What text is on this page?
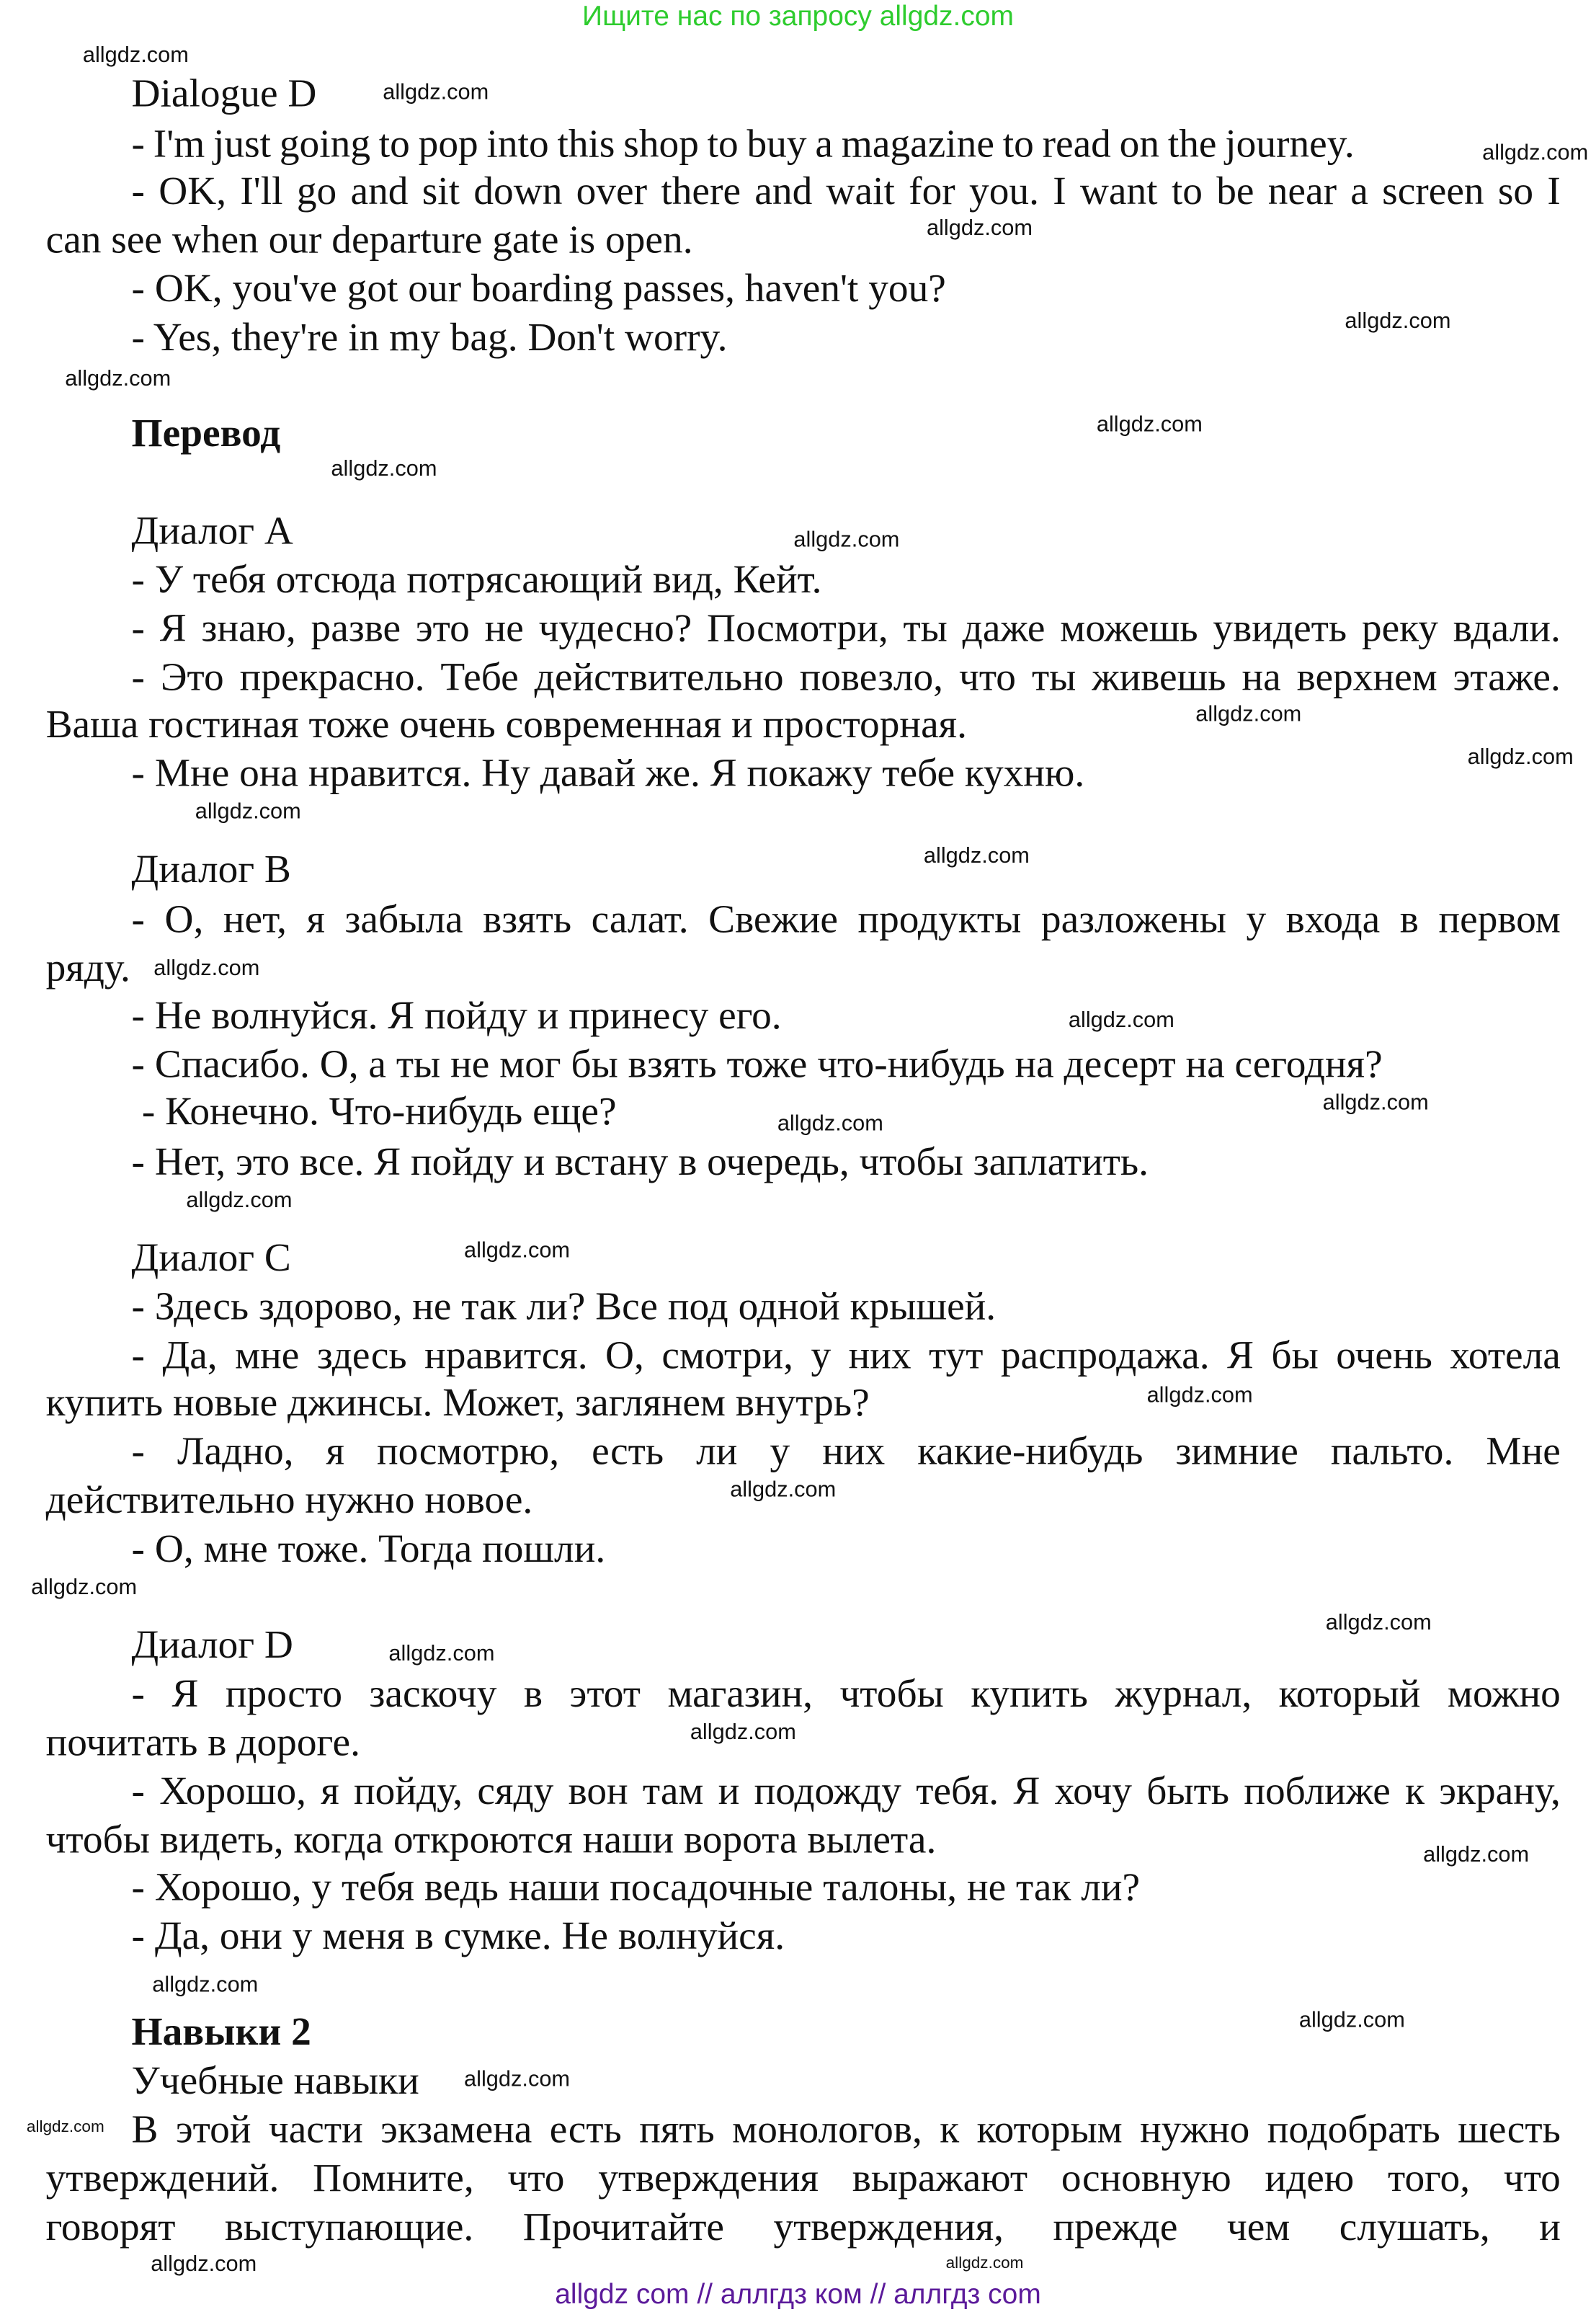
Ищите нас по запросу allgdz.com
Dialogue D
- I'm just going to pop into this shop to buy a magazine to read on the journey.
- OK, I'll go and sit down over there and wait for you. I want to be near a screen so I
can see when our departure gate is open.
- OK, you've got our boarding passes, haven't you?
- Yes, they're in my bag. Don't worry.
Перевод
Диалог A
- У тебя отсюда потрясающий вид, Кейт.
- Я знаю, разве это не чудесно? Посмотри, ты даже можешь увидеть реку вдали.
- Это прекрасно. Тебе действительно повезло, что ты живешь на верхнем этаже.
Ваша гостиная тоже очень современная и просторная.
- Мне она нравится. Ну давай же. Я покажу тебе кухню.
Диалог B
- О, нет, я забыла взять салат. Свежие продукты разложены у входа в первом
ряду.
- Не волнуйся. Я пойду и принесу его.
- Спасибо. О, а ты не мог бы взять тоже что-нибудь на десерт на сегодня?
- Конечно. Что-нибудь еще?
- Нет, это все. Я пойду и встану в очередь, чтобы заплатить.
Диалог C
- Здесь здорово, не так ли? Все под одной крышей.
- Да, мне здесь нравится. О, смотри, у них тут распродажа. Я бы очень хотела
купить новые джинсы. Может, заглянем внутрь?
- Ладно, я посмотрю, есть ли у них какие-нибудь зимние пальто. Мне
действительно нужно новое.
- О, мне тоже. Тогда пошли.
Диалог D
- Я просто заскочу в этот магазин, чтобы купить журнал, который можно
почитать в дороге.
- Хорошо, я пойду, сяду вон там и подожду тебя. Я хочу быть поближе к экрану,
чтобы видеть, когда откроются наши ворота вылета.
- Хорошо, у тебя ведь наши посадочные талоны, не так ли?
- Да, они у меня в сумке. Не волнуйся.
Навыки 2
Учебные навыки
В этой части экзамена есть пять монологов, к которым нужно подобрать шесть
утверждений. Помните, что утверждения выражают основную идею того, что
говорят выступающие. Прочитайте утверждения, прежде чем слушать, и
allgdz.com
allgdz.com
allgdz.com
allgdz.com
allgdz.com
allgdz.com
allgdz.com
allgdz.com
allgdz.com
allgdz.com
allgdz.com
allgdz.com
allgdz.com
allgdz.com
allgdz.com
allgdz.com
allgdz.com
allgdz.com
allgdz.com
allgdz.com
allgdz.com
allgdz.com
allgdz.com
allgdz.com
allgdz.com
allgdz.com
allgdz.com
allgdz.com
allgdz.com
allgdz.com
allgdz.com
allgdz.com
allgdz com // аллгдз ком // аллгдз com
